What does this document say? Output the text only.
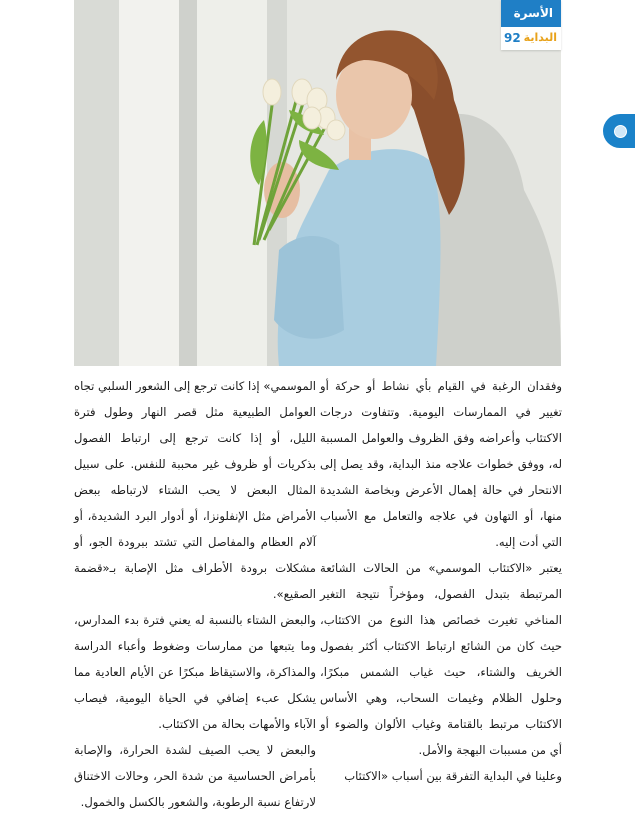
الأسرة
92 البداية

وفقدان الرغبة في القيام بأي نشاط أو حركة أو تغيير في الممارسات اليومية. وتتفاوت درجات الاكتئاب وأعراضه وفق الظروف والعوامل المسببة له، ووفق خطوات علاجه منذ البداية، وقد يصل إلى الانتحار في حالة إهمال الأعرض وبخاصة الشديدة منها، أو التهاون في علاجه والتعامل مع الأسباب التي أدت إليه.

يعتبر «الاكتئاب الموسمي» من الحالات الشائعة المرتبطة بتبدل الفصول، ومؤخراً نتيجة التغير المناخي تغيرت خصائص هذا النوع من الاكتئاب، حيث كان من الشائع ارتباط الاكتئاب أكثر بفصول الخريف والشتاء، حيث غياب الشمس مبكرًا، وحلول الظلام وغيمات السحاب، وهي الأساس الاكتئاب مرتبط بالقتامة وغياب الألوان والضوء أو أي من مسببات البهجة والأمل.

وعلينا في البداية التفرقة بين أسباب «الاكتئاب

الموسمي» إذا كانت ترجع إلى الشعور السلبي تجاه العوامل الطبيعية مثل قصر النهار وطول فترة الليل، أو إذا كانت ترجع إلى ارتباط الفصول بذكريات أو ظروف غير محببة للنفس. على سبيل المثال البعض لا يحب الشتاء لارتباطه ببعض الأمراض مثل الإنفلونزا، أو أدوار البرد الشديدة، أو آلام العظام والمفاصل التي تشتد ببرودة الجو، أو مشكلات برودة الأطراف مثل الإصابة بـ«قضمة الصقيع».

والبعض الشتاء بالنسبة له يعني فترة بدء المدارس، وما يتبعها من ممارسات وضغوط وأعباء الدراسة والمذاكرة، والاستيقاظ مبكرًا عن الأيام العادية مما يشكل عبء إضافي في الحياة اليومية، فيصاب الآباء والأمهات بحالة من الاكتئاب.

والبعض لا يحب الصيف لشدة الحرارة، والإصابة بأمراض الحساسية من شدة الحر، وحالات الاختناق لارتفاع نسبة الرطوبة، والشعور بالكسل والخمول.
